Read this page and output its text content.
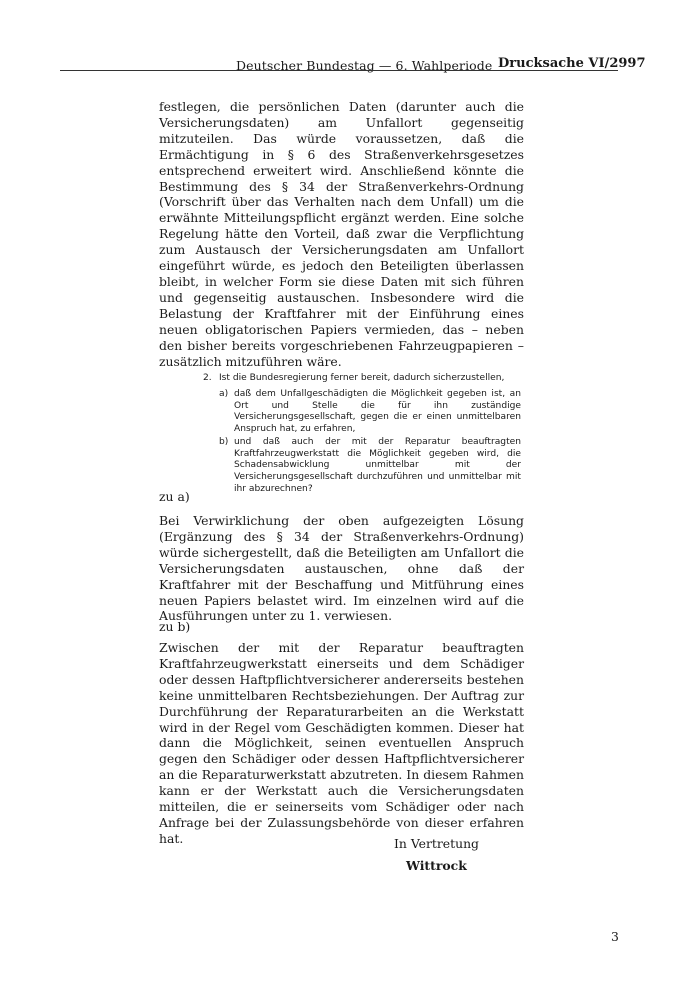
Deutscher Bundestag — 6. Wahlperiode Drucksache VI/2997
festlegen, die persönlichen Daten (darunter auch die Versicherungsdaten) am Unfallort gegenseitig mitzuteilen. Das würde voraussetzen, daß die Ermächtigung in § 6 des Straßenverkehrsgesetzes entsprechend erweitert wird. Anschließend könnte die Bestimmung des § 34 der Straßenverkehrs-Ordnung (Vorschrift über das Verhalten nach dem Unfall) um die erwähnte Mitteilungspflicht ergänzt werden. Eine solche Regelung hätte den Vorteil, daß zwar die Verpflichtung zum Austausch der Versicherungsdaten am Unfallort eingeführt würde, es jedoch den Beteiligten überlassen bleibt, in welcher Form sie diese Daten mit sich führen und gegenseitig austauschen. Insbesondere wird die Belastung der Kraftfahrer mit der Einführung eines neuen obligatorischen Papiers vermieden, das – neben den bisher bereits vorgeschriebenen Fahrzeugpapieren – zusätzlich mitzuführen wäre.
2. Ist die Bundesregierung ferner bereit, dadurch sicherzustellen,
a) daß dem Unfallgeschädigten die Möglichkeit gegeben ist, an Ort und Stelle die für ihn zuständige Versicherungsgesellschaft, gegen die er einen unmittelbaren Anspruch hat, zu erfahren,
b) und daß auch der mit der Reparatur beauftragten Kraftfahrzeugwerkstatt die Möglichkeit gegeben wird, die Schadensabwicklung unmittelbar mit der Versicherungsgesellschaft durchzuführen und unmittelbar mit ihr abzurechnen?
zu a)
Bei Verwirklichung der oben aufgezeigten Lösung (Ergänzung des § 34 der Straßenverkehrs-Ordnung) würde sichergestellt, daß die Beteiligten am Unfallort die Versicherungsdaten austauschen, ohne daß der Kraftfahrer mit der Beschaffung und Mitführung eines neuen Papiers belastet wird. Im einzelnen wird auf die Ausführungen unter zu 1. verwiesen.
zu b)
Zwischen der mit der Reparatur beauftragten Kraftfahrzeugwerkstatt einerseits und dem Schädiger oder dessen Haftpflichtversicherer andererseits bestehen keine unmittelbaren Rechtsbeziehungen. Der Auftrag zur Durchführung der Reparaturarbeiten an die Werkstatt wird in der Regel vom Geschädigten kommen. Dieser hat dann die Möglichkeit, seinen eventuellen Anspruch gegen den Schädiger oder dessen Haftpflichtversicherer an die Reparaturwerkstatt abzutreten. In diesem Rahmen kann er der Werkstatt auch die Versicherungsdaten mitteilen, die er seinerseits vom Schädiger oder nach Anfrage bei der Zulassungsbehörde von dieser erfahren hat.	In Vertretung
Wittrock
3
